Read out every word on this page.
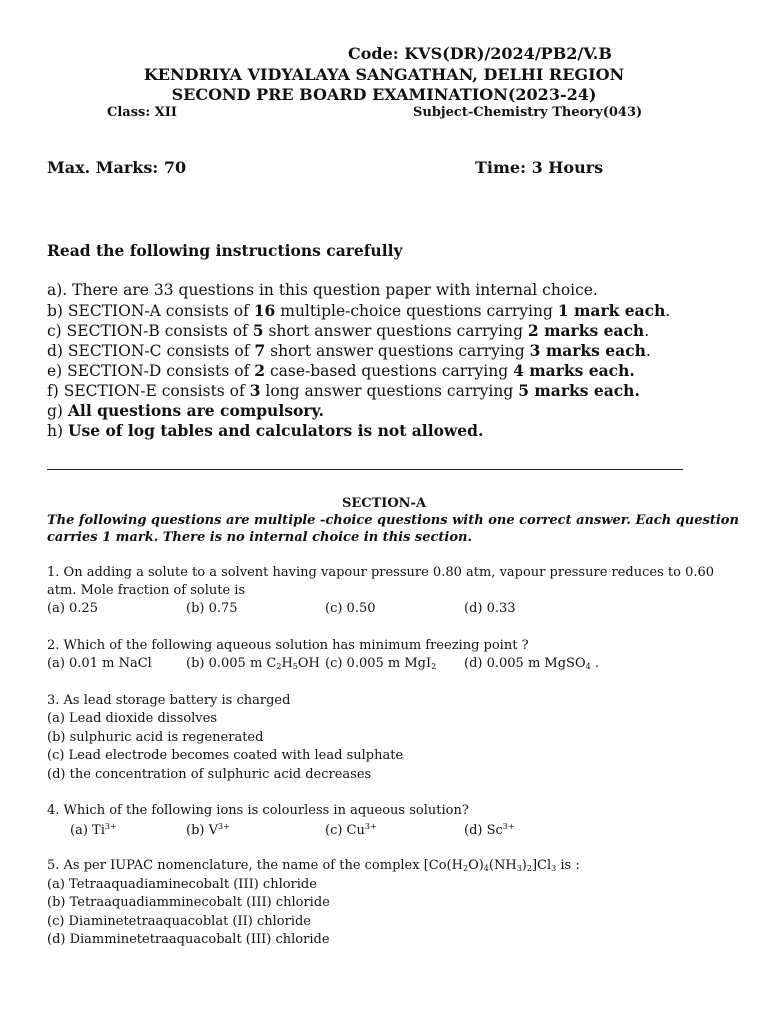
Code: KVS(DR)/2024/PB2/V.B
KENDRIYA VIDYALAYA SANGATHAN, DELHI REGION
SECOND PRE BOARD EXAMINATION(2023-24)
Class: XII	Subject-Chemistry Theory(043)
Max. Marks: 70	Time: 3 Hours
Read the following instructions carefully
a). There are 33 questions in this question paper with internal choice.
b) SECTION-A consists of 16 multiple-choice questions carrying 1 mark each.
c) SECTION-B consists of 5 short answer questions carrying 2 marks each.
d) SECTION-C consists of 7 short answer questions carrying 3 marks each.
e) SECTION-D consists of 2 case-based questions carrying 4 marks each.
f) SECTION-E consists of 3 long answer questions carrying 5 marks each.
g) All questions are compulsory.
h) Use of log tables and calculators is not allowed.
SECTION-A
The following questions are multiple -choice questions with one correct answer. Each question
carries 1 mark. There is no internal choice in this section.
1. On adding a solute to a solvent having vapour pressure 0.80 atm, vapour pressure reduces to 0.60
atm. Mole fraction of solute is
(a) 0.25	(b) 0.75	(c) 0.50	(d) 0.33
2. Which of the following aqueous solution has minimum freezing point ?
(a) 0.01 m NaCl	(b) 0.005 m $C_2H_5OH$ (c) 0.005 m MgI$_2$ (d) 0.005 m MgSO$_4$ .
3. As lead storage battery is charged
(a) Lead dioxide dissolves
(b) sulphuric acid is regenerated
(c) Lead electrode becomes coated with lead sulphate
(d) the concentration of sulphuric acid decreases
4. Which of the following ions is colourless in aqueous solution?
(a) $Ti^{3+}$	(b) $V^{3+}$	(c) $Cu^{3+}$	(d) $Sc^{3+}$
5. As per IUPAC nomenclature, the name of the complex $[Co(H_2O)_4(NH_3)_2]Cl_3$ is :
(a) Tetraaquadiaminecobalt (III) chloride
(b) Tetraaquadiamminecobalt (III) chloride
(c) Diaminetetraaquacoblat (II) chloride
(d) Diamminetetraaquacobalt (III) chloride
